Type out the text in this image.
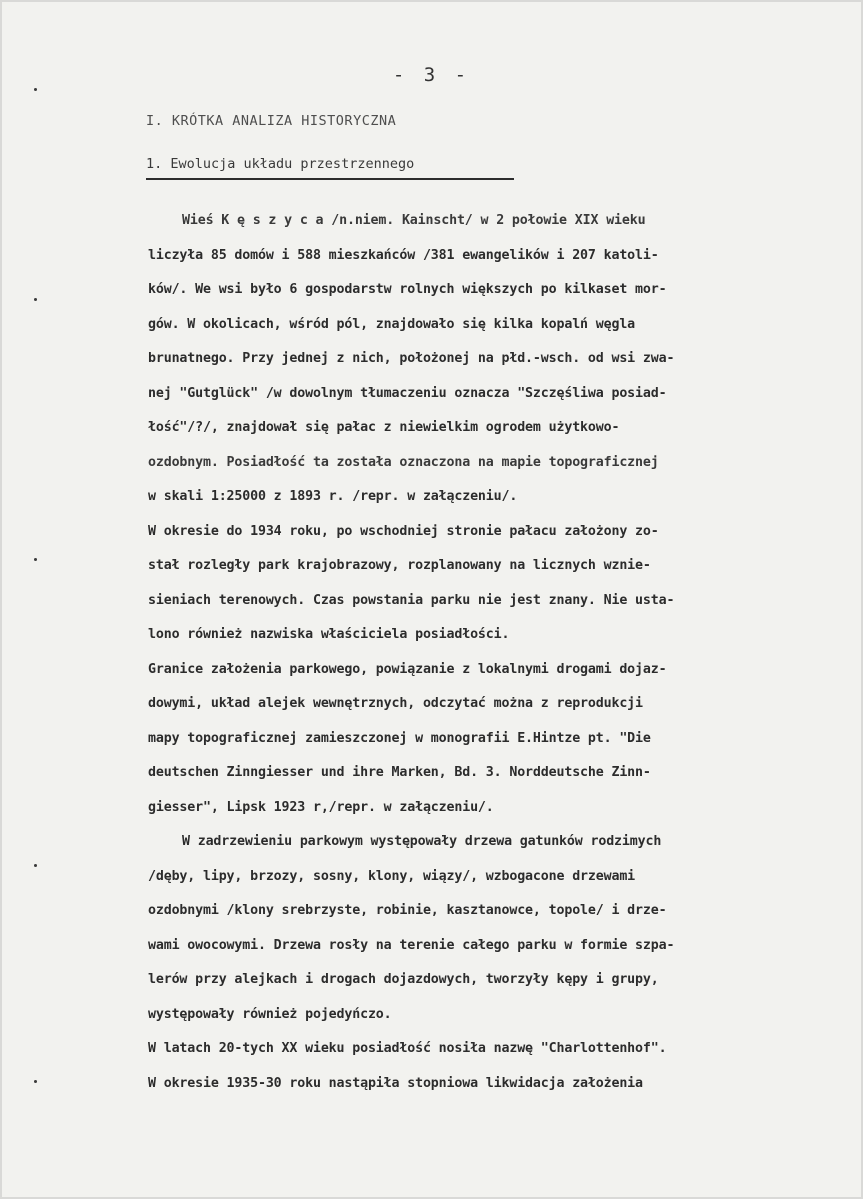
- 3 -
I. KRÓTKA ANALIZA HISTORYCZNA
1. Ewolucja układu przestrzennego
Wieś K ę s z y c a /n.niem. Kainscht/ w 2 połowie XIX wieku
liczyła 85 domów i 588 mieszkańców /381 ewangelików i 207 katoli-
ków/. We wsi było 6 gospodarstw rolnych większych po kilkaset mor-
gów. W okolicach, wśród pól, znajdowało się kilka kopalń węgla
brunatnego. Przy jednej z nich, położonej na płd.-wsch. od wsi zwa-
nej "Gutglück" /w dowolnym tłumaczeniu oznacza "Szczęśliwa posiad-
łość"/?/, znajdował się pałac z niewielkim ogrodem użytkowo-
ozdobnym. Posiadłość ta została oznaczona na mapie topograficznej
w skali 1:25000 z 1893 r. /repr. w załączeniu/.
W okresie do 1934 roku, po wschodniej stronie pałacu założony zo-
stał rozległy park krajobrazowy, rozplanowany na licznych wznie-
sieniach terenowych. Czas powstania parku nie jest znany. Nie usta-
lono również nazwiska właściciela posiadłości.
Granice założenia parkowego, powiązanie z lokalnymi drogami dojaz-
dowymi, układ alejek wewnętrznych, odczytać można z reprodukcji
mapy topograficznej zamieszczonej w monografii E.Hintze pt. "Die
deutschen Zinngiesser und ihre Marken, Bd. 3. Norddeutsche Zinn-
giesser", Lipsk 1923 r,/repr. w załączeniu/.
W zadrzewieniu parkowym występowały drzewa gatunków rodzimych
/dęby, lipy, brzozy, sosny, klony, wiązy/, wzbogacone drzewami
ozdobnymi /klony srebrzyste, robinie, kasztanowce, topole/ i drze-
wami owocowymi. Drzewa rosły na terenie całego parku w formie szpa-
lerów przy alejkach i drogach dojazdowych, tworzyły kępy i grupy,
występowały również pojedyńczo.
W latach 20-tych XX wieku posiadłość nosiła nazwę "Charlottenhof".
W okresie 1935-30 roku nastąpiła stopniowa likwidacja założenia
